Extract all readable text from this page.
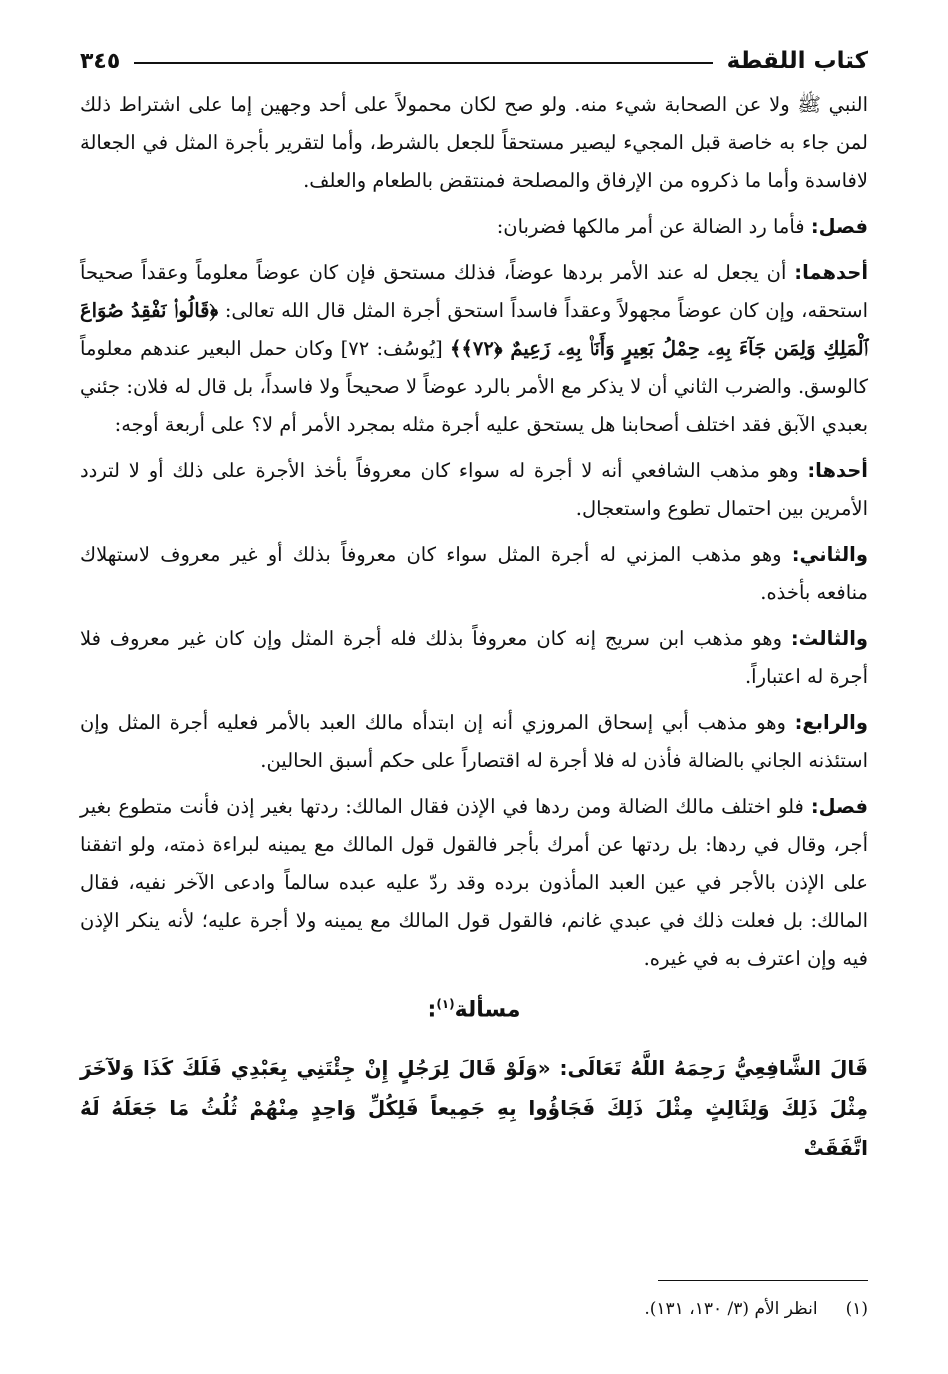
كتاب اللقطة
٣٤٥

النبي ﷺ ولا عن الصحابة شيء منه. ولو صح لكان محمولاً على أحد وجهين إما على اشتراط ذلك لمن جاء به خاصة قبل المجيء ليصير مستحقاً للجعل بالشرط، وأما لتقرير بأجرة المثل في الجعالة لافاسدة وأما ما ذكروه من الإرفاق والمصلحة فمنتقض بالطعام والعلف.

فصل: فأما رد الضالة عن أمر مالكها فضربان:

أحدهما: أن يجعل له عند الأمر بردها عوضاً، فذلك مستحق فإن كان عوضاً معلوماً وعقداً صحيحاً استحقه، وإن كان عوضاً مجهولاً وعقداً فاسداً استحق أجرة المثل قال الله تعالى: ﴿قَالُوا۟ نَفْقِدُ صُوَاعَ ٱلْمَلِكِ وَلِمَن جَآءَ بِهِۦ حِمْلُ بَعِيرٍ وَأَنَا۠ بِهِۦ زَعِيمٌ ﴿٧٢﴾﴾ [يُوسُف: ٧٢] وكان حمل البعير عندهم معلوماً كالوسق. والضرب الثاني أن لا يذكر مع الأمر بالرد عوضاً لا صحيحاً ولا فاسداً، بل قال له فلان: جئني بعبدي الآبق فقد اختلف أصحابنا هل يستحق عليه أجرة مثله بمجرد الأمر أم لا؟ على أربعة أوجه:

أحدها: وهو مذهب الشافعي أنه لا أجرة له سواء كان معروفاً بأخذ الأجرة على ذلك أو لا لتردد الأمرين بين احتمال تطوع واستعجال.

والثاني: وهو مذهب المزني له أجرة المثل سواء كان معروفاً بذلك أو غير معروف لاستهلاك منافعه بأخذه.

والثالث: وهو مذهب ابن سريج إنه كان معروفاً بذلك فله أجرة المثل وإن كان غير معروف فلا أجرة له اعتباراً.

والرابع: وهو مذهب أبي إسحاق المروزي أنه إن ابتدأه مالك العبد بالأمر فعليه أجرة المثل وإن استئذنه الجاني بالضالة فأذن له فلا أجرة له اقتصاراً على حكم أسبق الحالين.

فصل: فلو اختلف مالك الضالة ومن ردها في الإذن فقال المالك: ردتها بغير إذن فأنت متطوع بغير أجر، وقال في ردها: بل ردتها عن أمرك بأجر فالقول قول المالك مع يمينه لبراءة ذمته، ولو اتفقنا على الإذن بالأجر في عين العبد المأذون برده وقد ردّ عليه عبده سالماً وادعى الآخر نفيه، فقال المالك: بل فعلت ذلك في عبدي غانم، فالقول قول المالك مع يمينه ولا أجرة عليه؛ لأنه ينكر الإذن فيه وإن اعترف به في غيره.

مسألة$^{(١)}$:

قَالَ الشَّافِعِيُّ رَحِمَهُ اللَّهُ تَعَالَى: «وَلَوْ قَالَ لِرَجُلٍ إِنْ جِئْتَنِي بِعَبْدِي فَلَكَ كَذَا وَلآخَرَ مِثْلَ ذَلِكَ وَلِثَالِثٍ مِثْلَ ذَلِكَ فَجَاؤُوا بِهِ جَمِيعاً فَلِكُلِّ وَاحِدٍ مِنْهُمْ ثُلُثُ مَا جَعَلَهُ لَهُ اتَّفَقَتْ

(١)انظر الأم (٣/ ١٣٠، ١٣١).
